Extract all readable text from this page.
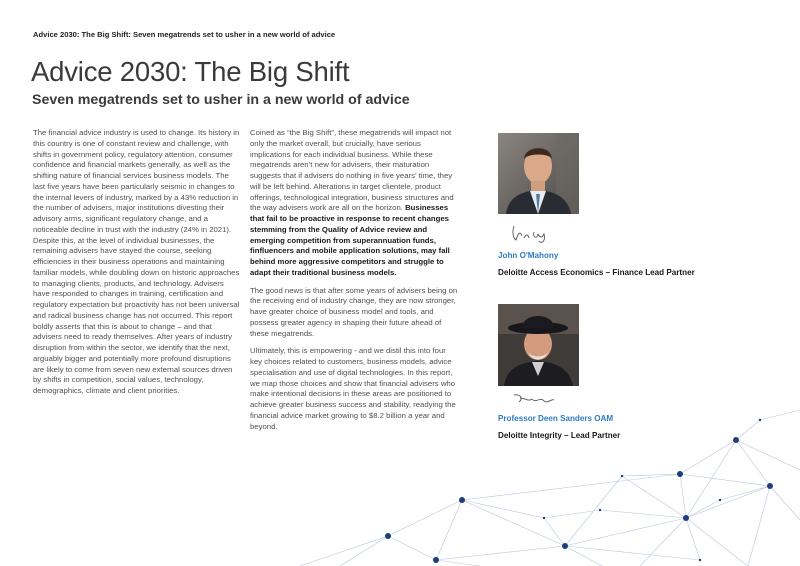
Advice 2030: The Big Shift: Seven megatrends set to usher in a new world of advice
Advice 2030: The Big Shift
Seven megatrends set to usher in a new world of advice

The financial advice industry is used to change. Its history in this country is one of constant review and challenge, with shifts in government policy, regulatory attention, consumer confidence and financial markets generally, as well as the shifting nature of financial services business models. The last five years have been particularly seismic in changes to the internal levers of industry, marked by a 43% reduction in the number of advisers, major institutions divesting their advisory arms, significant regulatory change, and a noticeable decline in trust with the industry (24% in 2021). Despite this, at the level of individual businesses, the remaining advisers have stayed the course, seeking efficiencies in their business operations and maintaining familiar models, while doubling down on historic approaches to managing clients, products, and technology. Advisers have responded to changes in training, certification and regulatory expectation but proactivity has not been universal and radical business change has not occurred. This report boldly asserts that this is about to change – and that advisers need to ready themselves. After years of industry disruption from within the sector, we identify that the next, arguably bigger and potentially more profound disruptions are likely to come from seven new external sources driven by shifts in competition, social values, technology, demographics, climate and client priorities.

Coined as “the Big Shift”, these megatrends will impact not only the market overall, but crucially, have serious implications for each individual business. While these megatrends aren’t new for advisers, their maturation suggests that if advisers do nothing in five years’ time, they will be left behind. Alterations in target clientele, product offerings, technological integration, business structures and the way advisers work are all on the horizon. Businesses that fail to be proactive in response to recent changes stemming from the Quality of Advice review and emerging competition from superannuation funds, finfluencers and mobile application solutions, may fall behind more aggressive competitors and struggle to adapt their traditional business models.

The good news is that after some years of advisers being on the receiving end of industry change, they are now stronger, have greater choice of business model and tools, and possess greater agency in shaping their future ahead of these megatrends.

Ultimately, this is empowering - and we distil this into four key choices related to customers, business models, advice specialisation and use of digital technologies. In this report, we map those choices and show that financial advisers who make intentional decisions in these areas are positioned to achieve greater business success and stability, readying the financial advice market growing to $8.2 billion a year and beyond.

John O'Mahony
Deloitte Access Economics – Finance Lead Partner
Professor Deen Sanders OAM
Deloitte Integrity – Lead Partner
